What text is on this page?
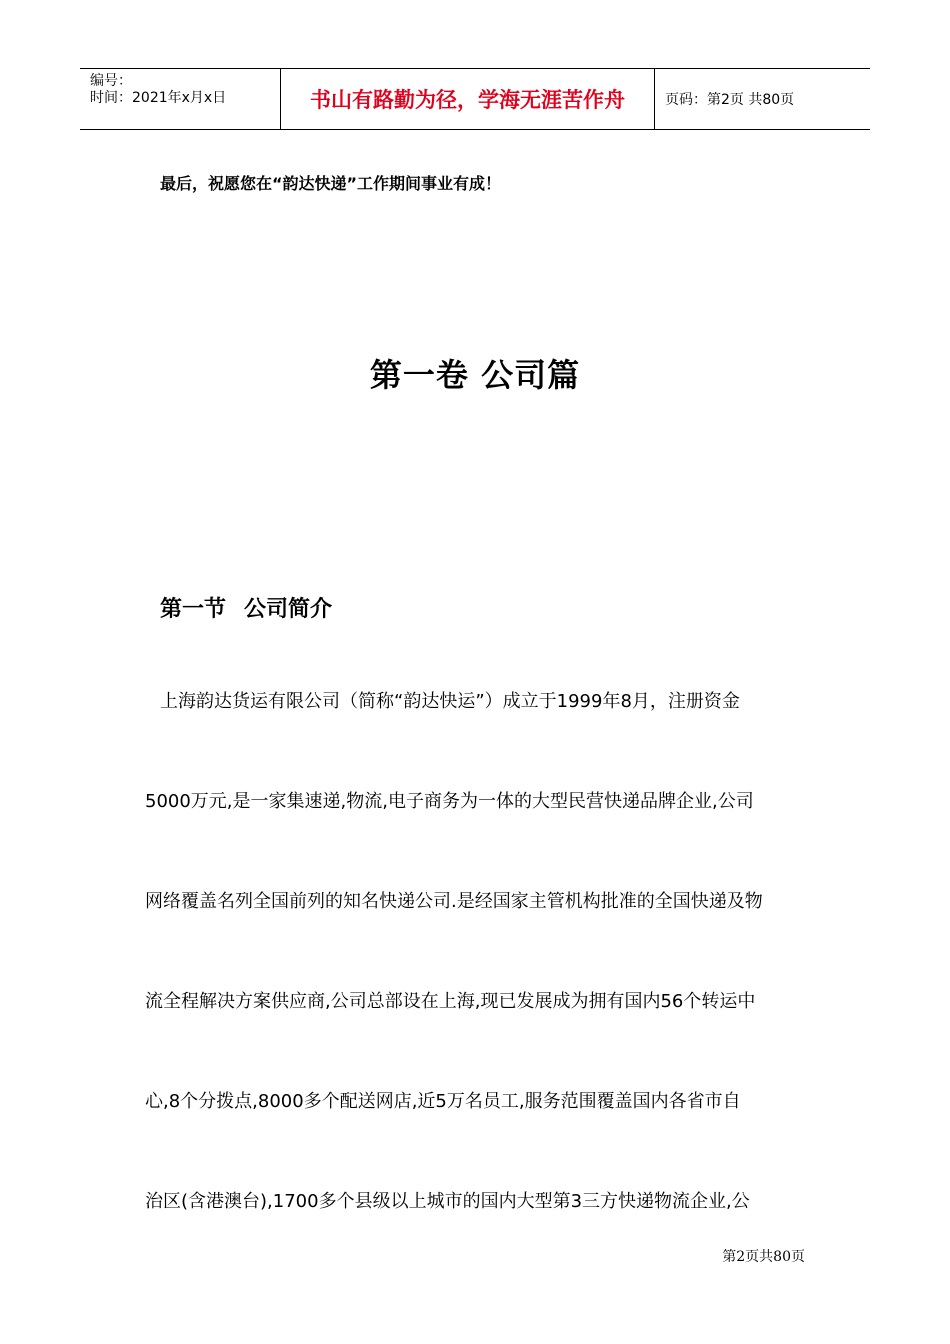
编号：
时间：2021年x月x日	书山有路勤为径，学海无涯苦作舟	页码：第2页 共80页
最后，祝愿您在“韵达快递”工作期间事业有成！
第一卷 公司篇
第一节 公司简介
上海韵达货运有限公司（简称“韵达快运”）成立于1999年8月，注册资金
5000万元,是一家集速递,物流,电子商务为一体的大型民营快递品牌企业,公司
网络覆盖名列全国前列的知名快递公司.是经国家主管机构批准的全国快递及物
流全程解决方案供应商,公司总部设在上海,现已发展成为拥有国内56个转运中
心,8个分拨点,8000多个配送网店,近5万名员工,服务范围覆盖国内各省市自
治区(含港澳台),1700多个县级以上城市的国内大型第3三方快递物流企业,公
第2页共80页
